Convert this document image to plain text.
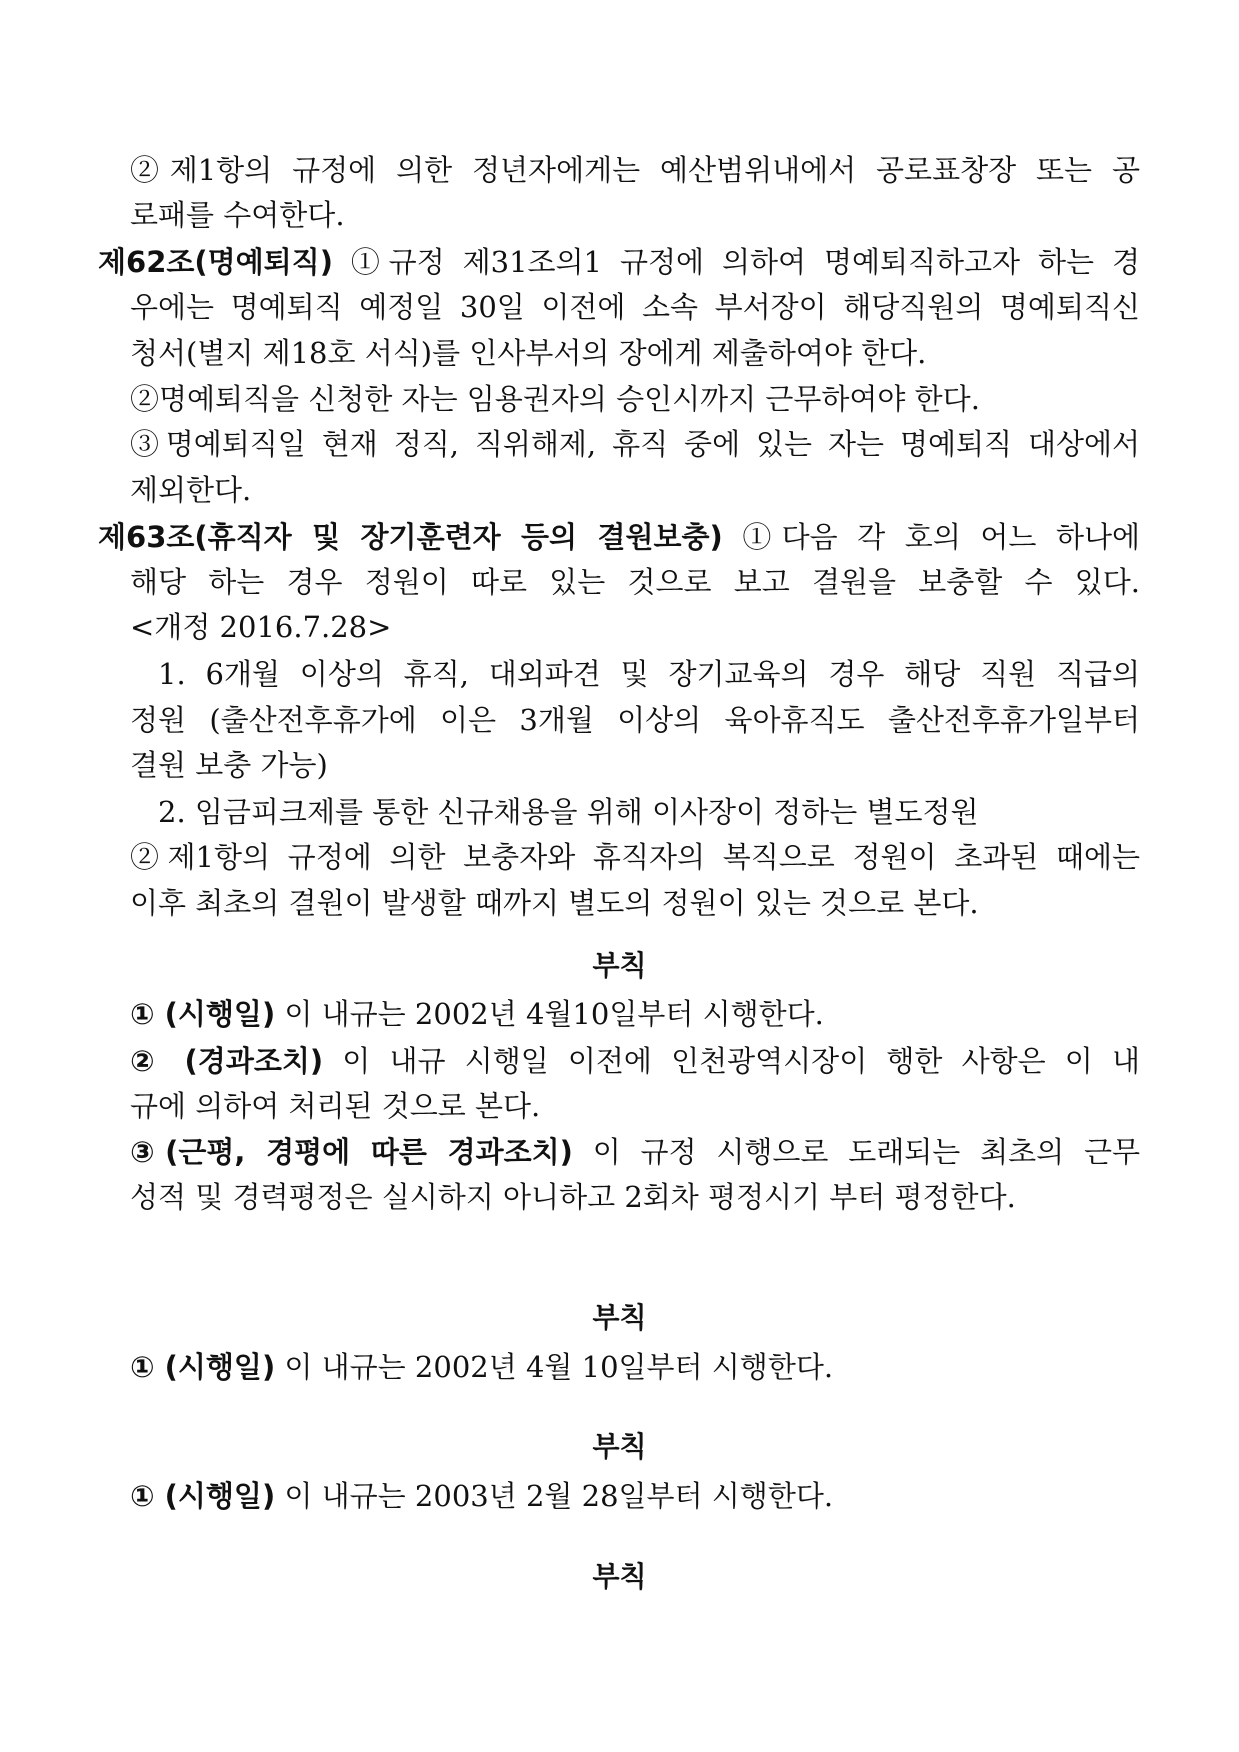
②제1항의 규정에 의한 정년자에게는 예산범위내에서 공로표창장 또는 공
로패를 수여한다.
제62조(명예퇴직) ①규정 제31조의1 규정에 의하여 명예퇴직하고자 하는 경
우에는 명예퇴직 예정일 30일 이전에 소속 부서장이 해당직원의 명예퇴직신
청서(별지 제18호 서식)를 인사부서의 장에게 제출하여야 한다.
②명예퇴직을 신청한 자는 임용권자의 승인시까지 근무하여야 한다.
③명예퇴직일 현재 정직, 직위해제, 휴직 중에 있는 자는 명예퇴직 대상에서
제외한다.
제63조(휴직자 및 장기훈련자 등의 결원보충) ①다음 각 호의 어느 하나에
해당 하는 경우 정원이 따로 있는 것으로 보고 결원을 보충할 수 있다.
<개정 2016.7.28>
1. 6개월 이상의 휴직, 대외파견 및 장기교육의 경우 해당 직원 직급의
정원 (출산전후휴가에 이은 3개월 이상의 육아휴직도 출산전후휴가일부터
결원 보충 가능)
2. 임금피크제를 통한 신규채용을 위해 이사장이 정하는 별도정원
②제1항의 규정에 의한 보충자와 휴직자의 복직으로 정원이 초과된 때에는
이후 최초의 결원이 발생할 때까지 별도의 정원이 있는 것으로 본다.
부칙
① (시행일) 이 내규는 2002년 4월10일부터 시행한다.
② (경과조치) 이 내규 시행일 이전에 인천광역시장이 행한 사항은 이 내
규에 의하여 처리된 것으로 본다.
③(근평, 경평에 따른 경과조치) 이 규정 시행으로 도래되는 최초의 근무
성적 및 경력평정은 실시하지 아니하고 2회차 평정시기 부터 평정한다.
부칙
① (시행일) 이 내규는 2002년 4월 10일부터 시행한다.
부칙
① (시행일) 이 내규는 2003년 2월 28일부터 시행한다.
부칙
